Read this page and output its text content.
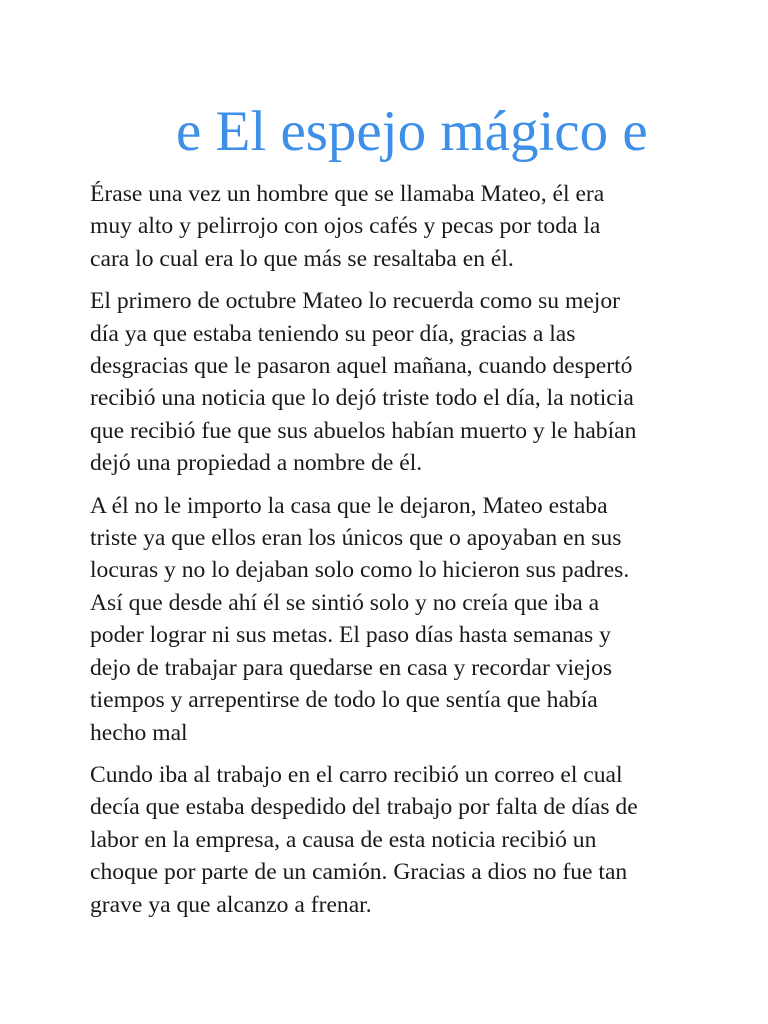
e El espejo mágico e

Érase una vez un hombre que se llamaba Mateo, él era
muy alto y pelirrojo con ojos cafés y pecas por toda la
cara lo cual era lo que más se resaltaba en él.

El primero de octubre Mateo lo recuerda como su mejor
día ya que estaba teniendo su peor día, gracias a las
desgracias que le pasaron aquel mañana, cuando despertó
recibió una noticia que lo dejó triste todo el día, la noticia
que recibió fue que sus abuelos habían muerto y le habían
dejó una propiedad a nombre de él.

A él no le importo la casa que le dejaron, Mateo estaba
triste ya que ellos eran los únicos que o apoyaban en sus
locuras y no lo dejaban solo como lo hicieron sus padres.
Así que desde ahí él se sintió solo y no creía que iba a
poder lograr ni sus metas. El paso días hasta semanas y
dejo de trabajar para quedarse en casa y recordar viejos
tiempos y arrepentirse de todo lo que sentía que había
hecho mal

Cundo iba al trabajo en el carro recibió un correo el cual
decía que estaba despedido del trabajo por falta de días de
labor en la empresa, a causa de esta noticia recibió un
choque por parte de un camión. Gracias a dios no fue tan
grave ya que alcanzo a frenar.
